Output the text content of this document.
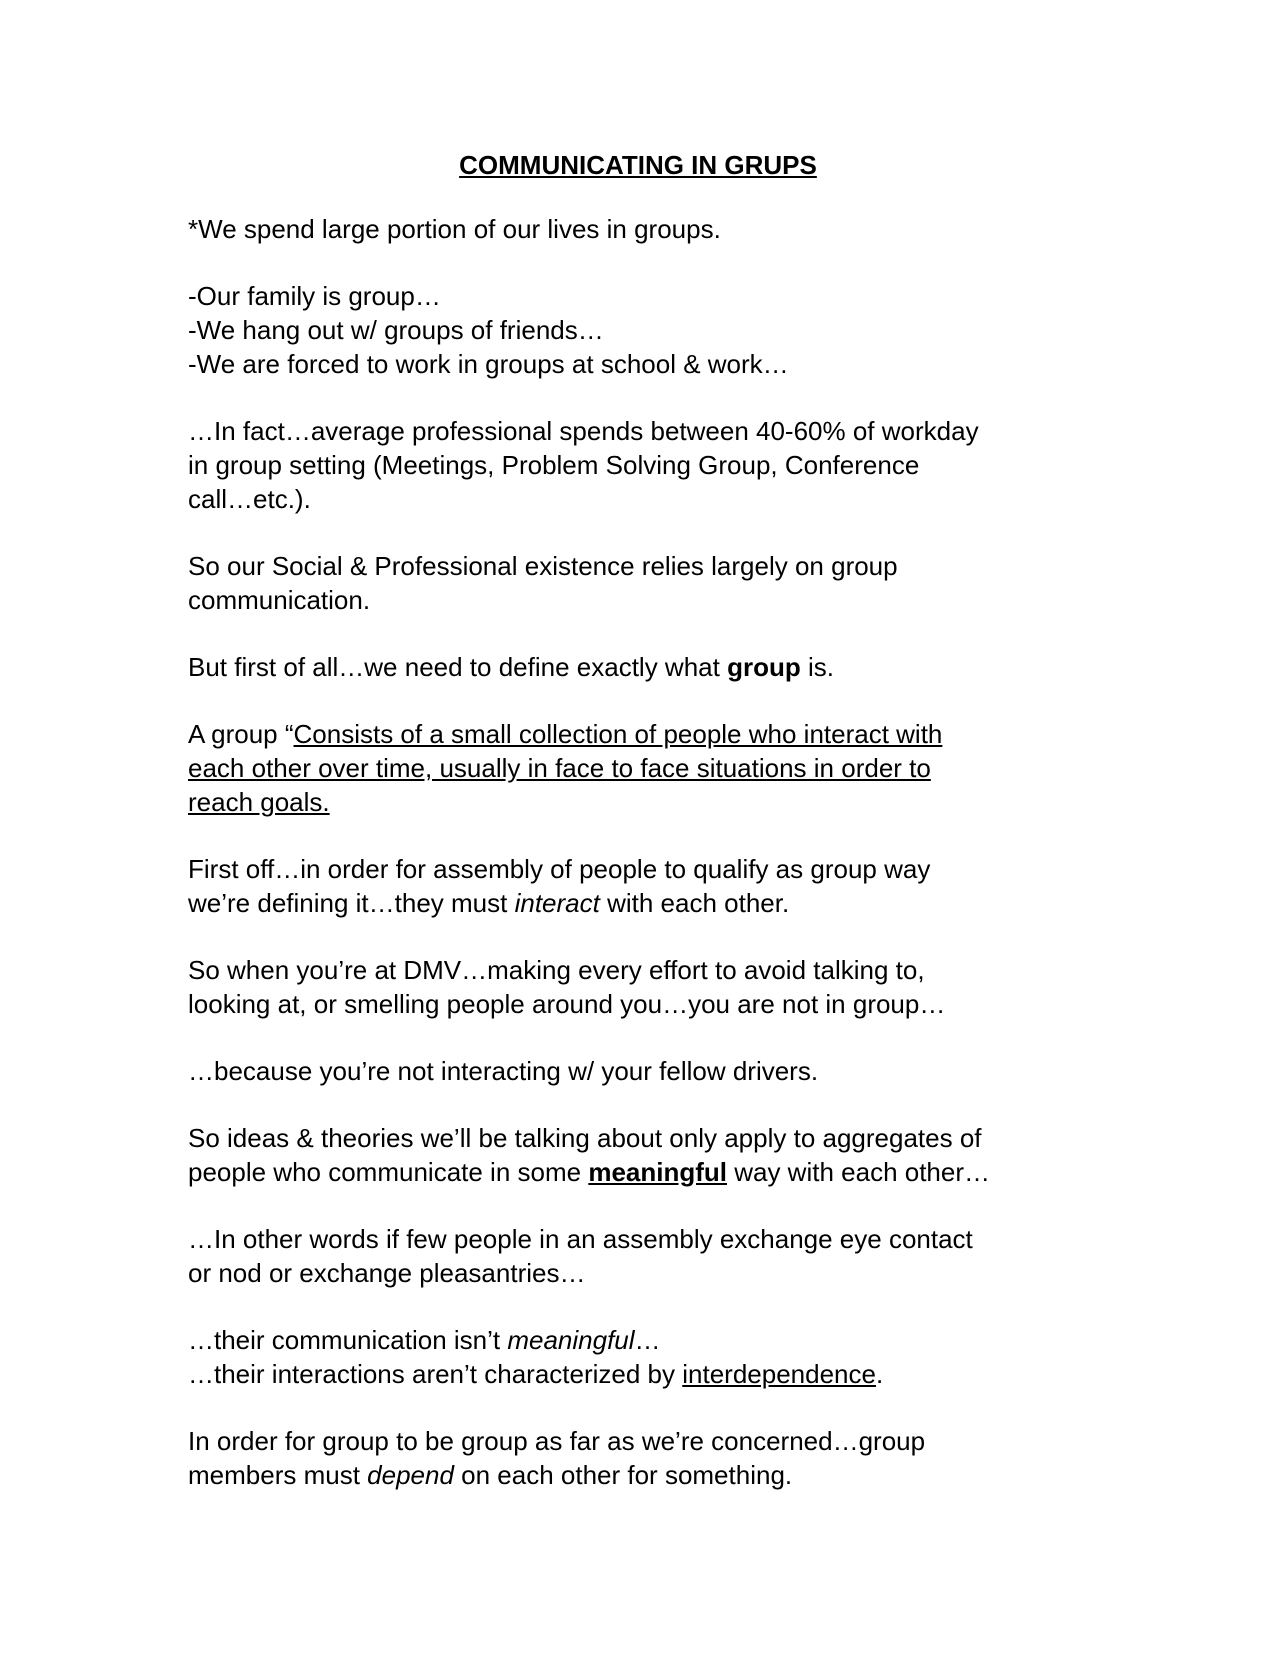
COMMUNICATING IN GRUPS
*We spend large portion of our lives in groups.
-Our family is group…
-We hang out w/ groups of friends…
-We are forced to work in groups at school & work…
…In fact…average professional spends between 40-60% of workday
in group setting (Meetings, Problem Solving Group, Conference
call…etc.).
So our Social & Professional existence relies largely on group
communication.
But first of all…we need to define exactly what group is.
A group “Consists of a small collection of people who interact with
each other over time, usually in face to face situations in order to
reach goals.
First off…in order for assembly of people to qualify as group way
we’re defining it…they must interact with each other.
So when you’re at DMV…making every effort to avoid talking to,
looking at, or smelling people around you…you are not in group…
…because you’re not interacting w/ your fellow drivers.
So ideas & theories we’ll be talking about only apply to aggregates of
people who communicate in some meaningful way with each other…
…In other words if few people in an assembly exchange eye contact
or nod or exchange pleasantries…
…their communication isn’t meaningful…
…their interactions aren’t characterized by interdependence.
In order for group to be group as far as we’re concerned…group
members must depend on each other for something.
